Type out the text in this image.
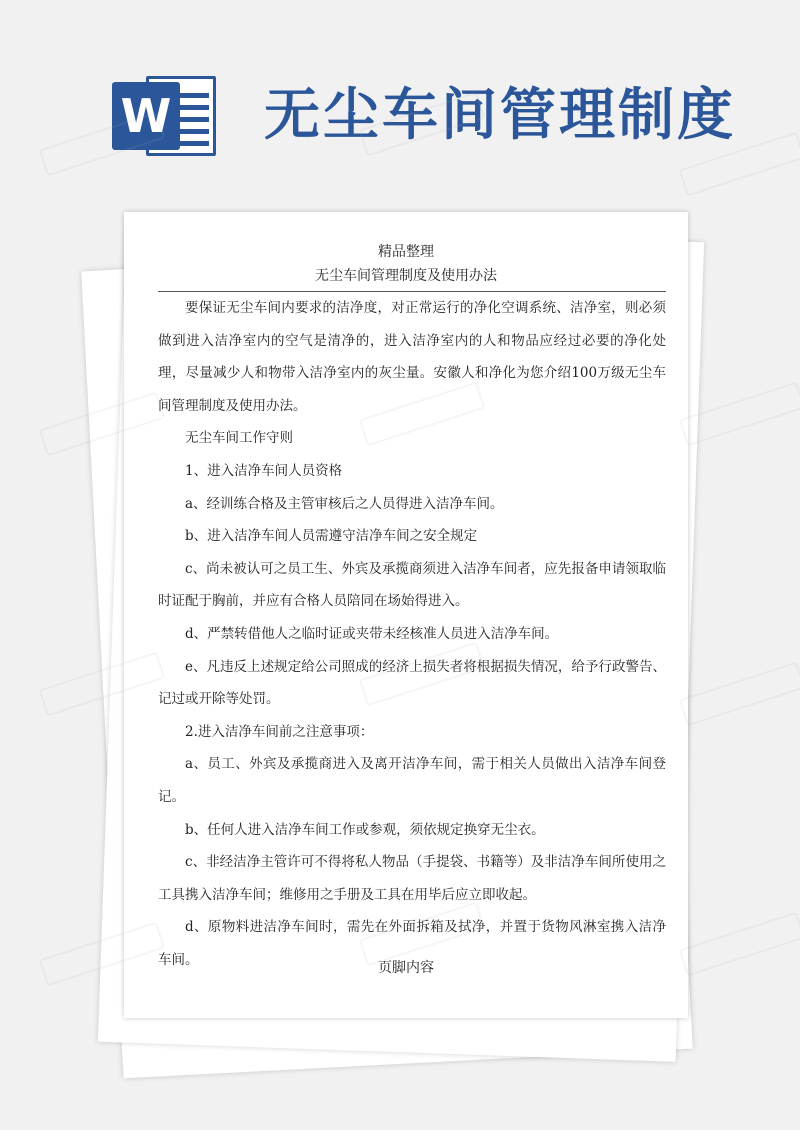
W 无尘车间管理制度
精品整理
无尘车间管理制度及使用办法

要保证无尘车间内要求的洁净度，对正常运行的净化空调系统、洁净室，则必须做到进入洁净室内的空气是清净的，进入洁净室内的人和物品应经过必要的净化处理，尽量减少人和物带入洁净室内的灰尘量。安徽人和净化为您介绍100万级无尘车间管理制度及使用办法。

无尘车间工作守则

1、进入洁净车间人员资格

a、经训练合格及主管审核后之人员得进入洁净车间。

b、进入洁净车间人员需遵守洁净车间之安全规定

c、尚未被认可之员工生、外宾及承揽商须进入洁净车间者，应先报备申请领取临时证配于胸前，并应有合格人员陪同在场始得进入。

d、严禁转借他人之临时证或夹带未经核准人员进入洁净车间。

e、凡违反上述规定给公司照成的经济上损失者将根据损失情况，给予行政警告、 记过或开除等处罚。

2.进入洁净车间前之注意事项：

a、员工、外宾及承揽商进入及离开洁净车间，需于相关人员做出入洁净车间登记。

b、任何人进入洁净车间工作或参观，须依规定换穿无尘衣。

c、非经洁净主管许可不得将私人物品（手提袋、书籍等）及非洁净车间所使用之 工具携入洁净车间；维修用之手册及工具在用毕后应立即收起。

d、原物料进洁净车间时，需先在外面拆箱及拭净，并置于货物风淋室携入洁净车间。

页脚内容
